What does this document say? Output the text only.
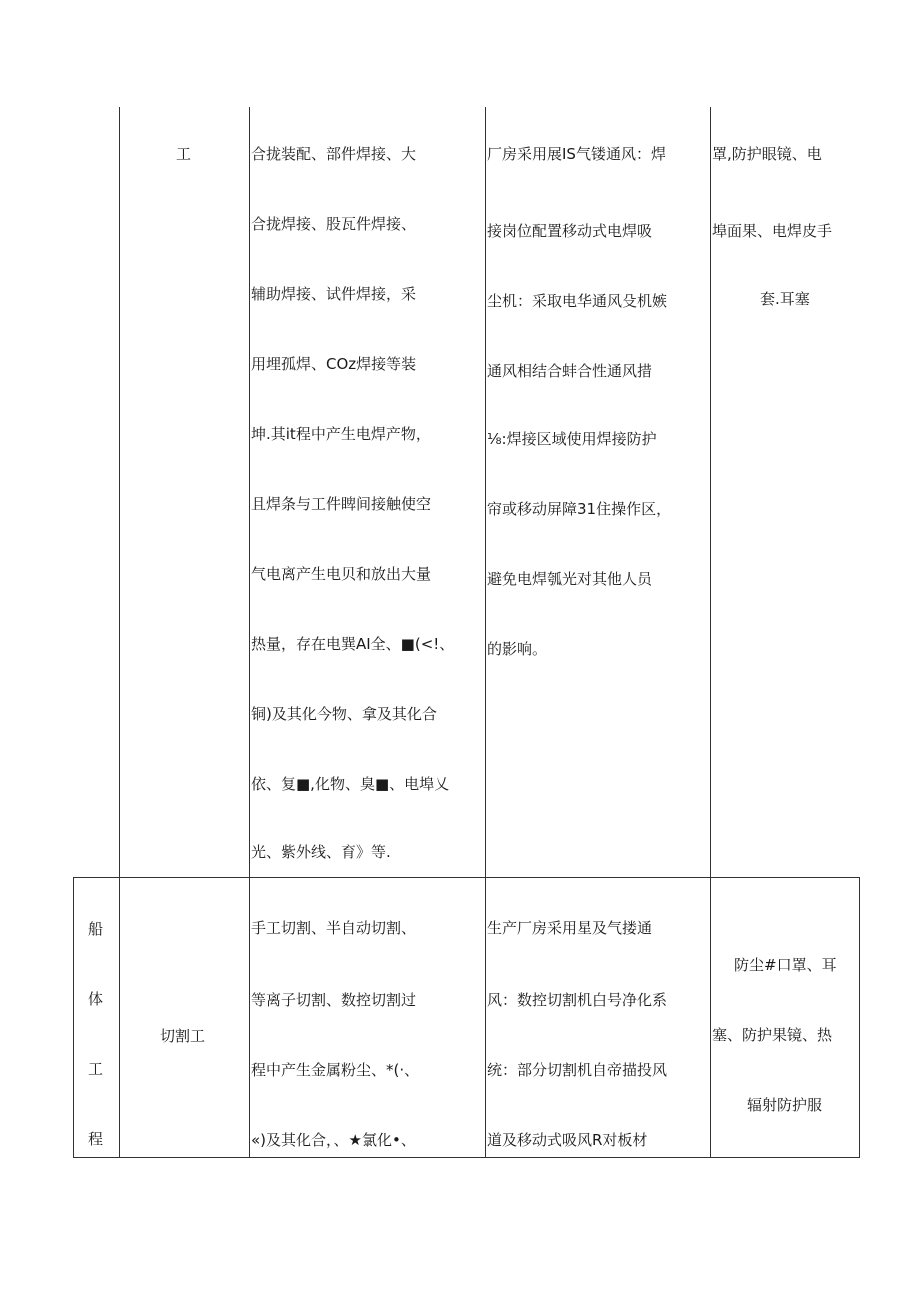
工	合拢装配、部件焊接、大
合拢焊接、股瓦件焊接、
辅助焊接、试件焊接，采
用埋孤焊、COz焊接等装
坤.其it程中产生电焊产物，
且焊条与工件睥间接触使空
气电离产生电贝和放出大量
热量，存在电巽AI全、■(<!、
铜)及其化今物、拿及其化合
依、复■,化物、臭■、电埠乂
光、紫外线、育》等.
厂房采用展IS气镂通风：焊
接岗位配置移动式电焊吸
尘机：采取电华通风殳机嫉
通风相结合蚌合性通风措
⅛:焊接区域使用焊接防护
帘或移动屏障31住操作区，
避免电焊瓠光对其他人员
的影响。
罩,防护眼镜、电
埠面果、电焊皮手
套.耳塞
船
体
工
程
切割工
手工切割、半自动切割、
等离子切割、数控切割过
程中产生金属粉尘、*(·、
«)及其化合，、★氯化•、
生产厂房采用星及气搂通
风：数控切割机白号净化系
统：部分切割机自帝描投风
道及移动式吸风R对板材
防尘#口罩、耳
塞、防护果镜、热
辐射防护服
